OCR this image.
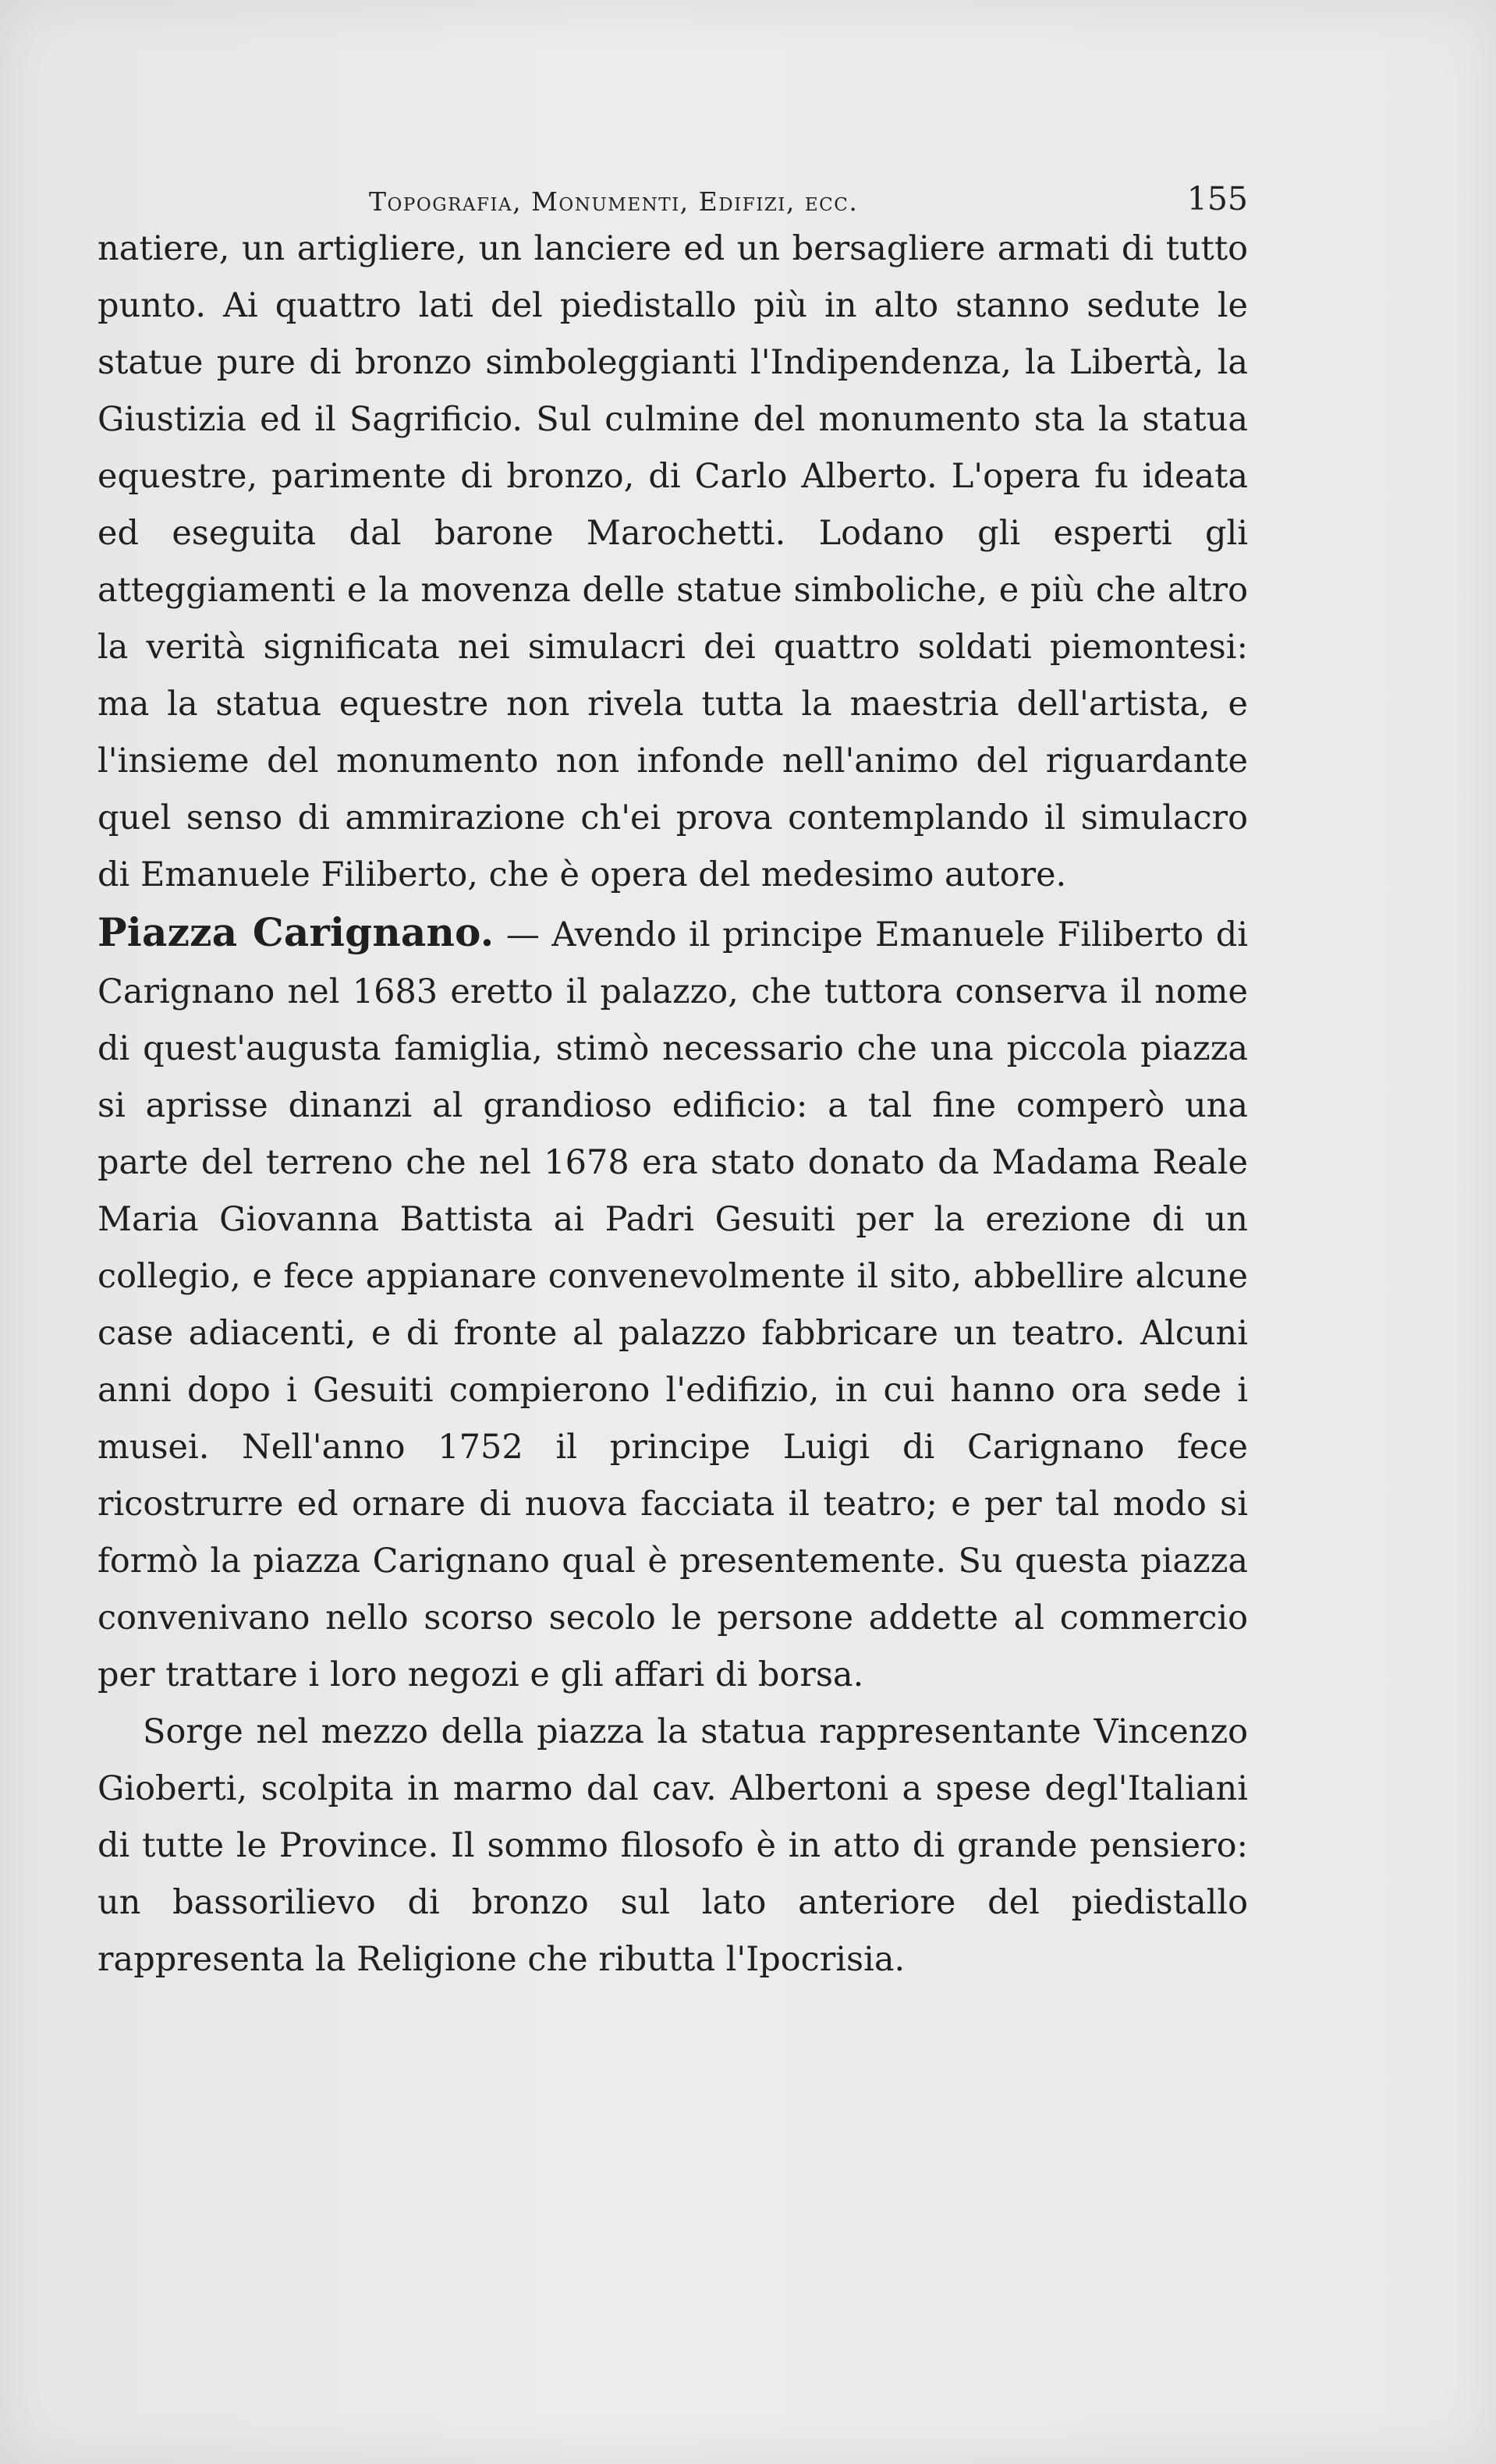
Topografia, Monumenti, Edifizi, ecc.	155

natiere, un artigliere, un lanciere ed un bersagliere armati di tutto punto. Ai quattro lati del piedistallo più in alto stanno sedute le statue pure di bronzo simboleggianti l'Indipendenza, la Libertà, la Giustizia ed il Sagrificio. Sul culmine del monumento sta la statua equestre, parimente di bronzo, di Carlo Alberto. L'opera fu ideata ed eseguita dal barone Marochetti. Lodano gli esperti gli atteggiamenti e la movenza delle statue simboliche, e più che altro la verità significata nei simulacri dei quattro soldati piemontesi: ma la statua equestre non rivela tutta la maestria dell'artista, e l'insieme del monumento non infonde nell'animo del riguardante quel senso di ammirazione ch'ei prova contemplando il simulacro di Emanuele Filiberto, che è opera del medesimo autore.

Piazza Carignano. — Avendo il principe Emanuele Filiberto di Carignano nel 1683 eretto il palazzo, che tuttora conserva il nome di quest'augusta famiglia, stimò necessario che una piccola piazza si aprisse dinanzi al grandioso edificio: a tal fine comperò una parte del terreno che nel 1678 era stato donato da Madama Reale Maria Giovanna Battista ai Padri Gesuiti per la erezione di un collegio, e fece appianare convenevolmente il sito, abbellire alcune case adiacenti, e di fronte al palazzo fabbricare un teatro. Alcuni anni dopo i Gesuiti compierono l'edifizio, in cui hanno ora sede i musei. Nell'anno 1752 il principe Luigi di Carignano fece ricostrurre ed ornare di nuova facciata il teatro; e per tal modo si formò la piazza Carignano qual è presentemente. Su questa piazza convenivano nello scorso secolo le persone addette al commercio per trattare i loro negozi e gli affari di borsa.

Sorge nel mezzo della piazza la statua rappresentante Vincenzo Gioberti, scolpita in marmo dal cav. Albertoni a spese degl'Italiani di tutte le Province. Il sommo filosofo è in atto di grande pensiero: un bassorilievo di bronzo sul lato anteriore del piedistallo rappresenta la Religione che ributta l'Ipocrisia.
